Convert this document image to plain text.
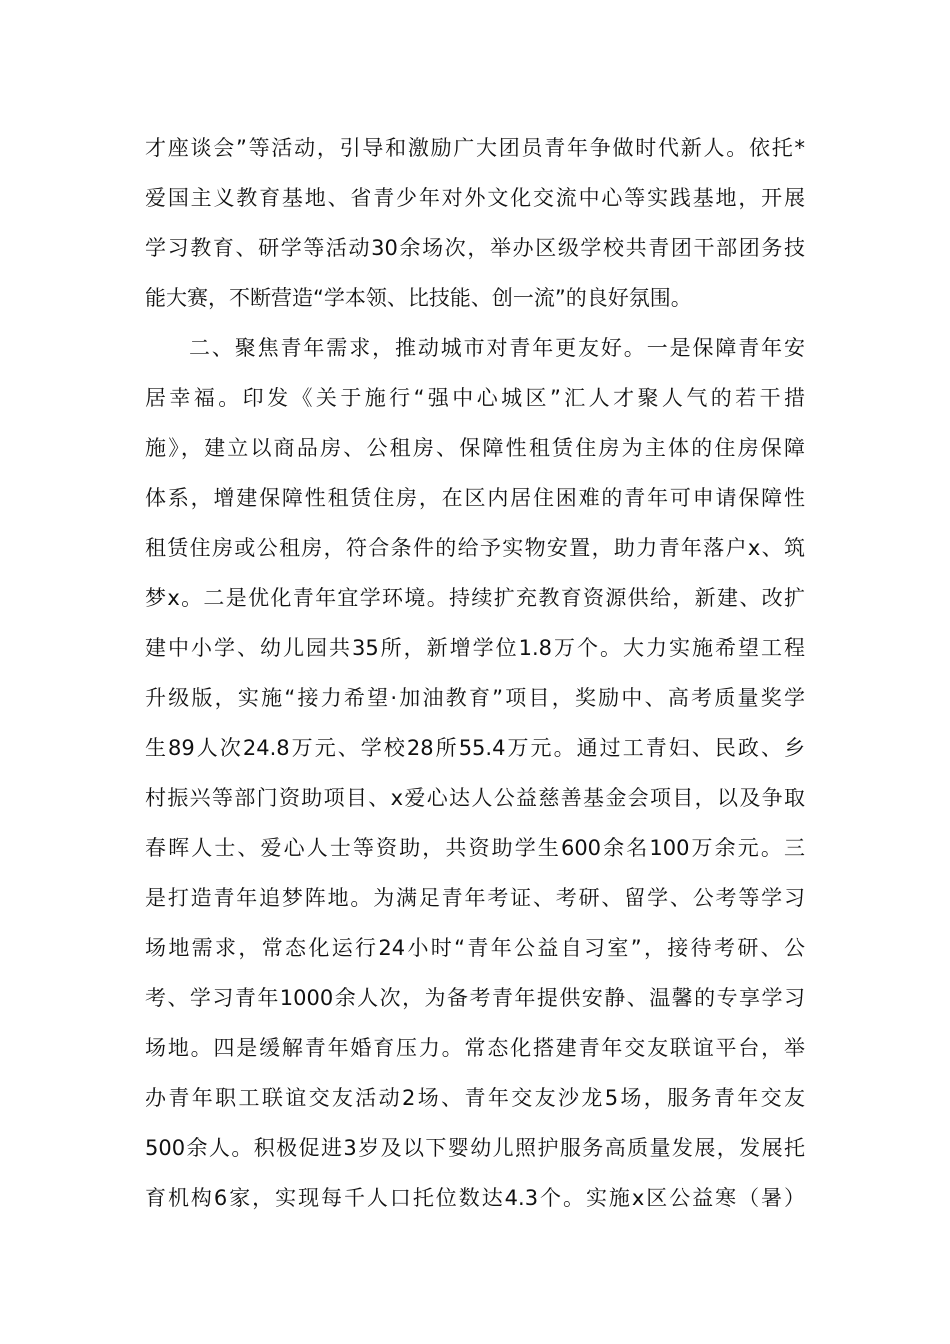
才座谈会”等活动，引导和激励广大团员青年争做时代新人。依托*
爱国主义教育基地、省青少年对外文化交流中心等实践基地，开展
学习教育、研学等活动30余场次，举办区级学校共青团干部团务技
能大赛，不断营造“学本领、比技能、创一流”的良好氛围。
二、聚焦青年需求，推动城市对青年更友好。一是保障青年安
居幸福。印发《关于施行“强中心城区”汇人才聚人气的若干措
施》，建立以商品房、公租房、保障性租赁住房为主体的住房保障
体系，增建保障性租赁住房，在区内居住困难的青年可申请保障性
租赁住房或公租房，符合条件的给予实物安置，助力青年落户x、筑
梦x。二是优化青年宜学环境。持续扩充教育资源供给，新建、改扩
建中小学、幼儿园共35所，新增学位1.8万个。大力实施希望工程
升级版，实施“接力希望·加油教育”项目，奖励中、高考质量奖学
生89人次24.8万元、学校28所55.4万元。通过工青妇、民政、乡
村振兴等部门资助项目、x爱心达人公益慈善基金会项目，以及争取
春晖人士、爱心人士等资助，共资助学生600余名100万余元。三
是打造青年追梦阵地。为满足青年考证、考研、留学、公考等学习
场地需求，常态化运行24小时“青年公益自习室”，接待考研、公
考、学习青年1000余人次，为备考青年提供安静、温馨的专享学习
场地。四是缓解青年婚育压力。常态化搭建青年交友联谊平台，举
办青年职工联谊交友活动2场、青年交友沙龙5场，服务青年交友
500余人。积极促进3岁及以下婴幼儿照护服务高质量发展，发展托
育机构6家，实现每千人口托位数达4.3个。实施x区公益寒（暑）
